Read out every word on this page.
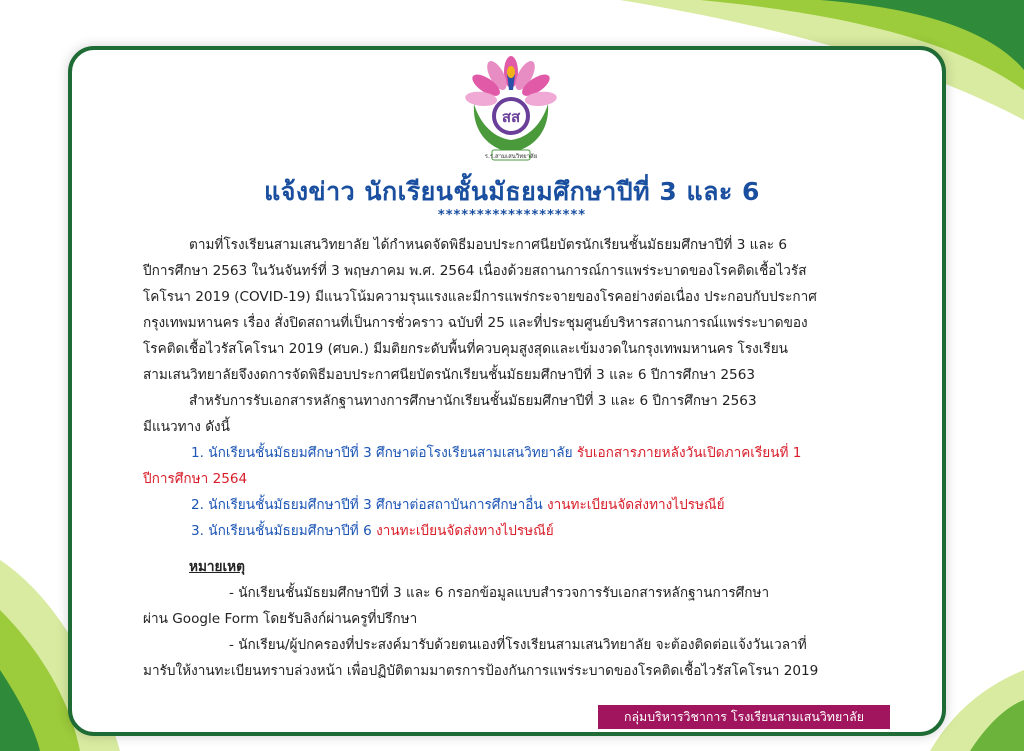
สส
ร.ร.สามเสนวิทยาลัย
แจ้งข่าว นักเรียนชั้นมัธยมศึกษาปีที่ 3 และ 6
*******************
ตามที่โรงเรียนสามเสนวิทยาลัย ได้กำหนดจัดพิธีมอบประกาศนียบัตรนักเรียนชั้นมัธยมศึกษาปีที่ 3 และ 6
ปีการศึกษา 2563 ในวันจันทร์ที่ 3 พฤษภาคม พ.ศ. 2564 เนื่องด้วยสถานการณ์การแพร่ระบาดของโรคติดเชื้อไวรัส
โคโรนา 2019 (COVID-19) มีแนวโน้มความรุนแรงและมีการแพร่กระจายของโรคอย่างต่อเนื่อง ประกอบกับประกาศ
กรุงเทพมหานคร เรื่อง สั่งปิดสถานที่เป็นการชั่วคราว ฉบับที่ 25 และที่ประชุมศูนย์บริหารสถานการณ์แพร่ระบาดของ
โรคติดเชื้อไวรัสโคโรนา 2019 (ศบค.) มีมติยกระดับพื้นที่ควบคุมสูงสุดและเข้มงวดในกรุงเทพมหานคร โรงเรียน
สามเสนวิทยาลัยจึงงดการจัดพิธีมอบประกาศนียบัตรนักเรียนชั้นมัธยมศึกษาปีที่ 3 และ 6 ปีการศึกษา 2563
สำหรับการรับเอกสารหลักฐานทางการศึกษานักเรียนชั้นมัธยมศึกษาปีที่ 3 และ 6 ปีการศึกษา 2563
มีแนวทาง ดังนี้
1. นักเรียนชั้นมัธยมศึกษาปีที่ 3 ศึกษาต่อโรงเรียนสามเสนวิทยาลัย รับเอกสารภายหลังวันเปิดภาคเรียนที่ 1
ปีการศึกษา 2564
2. นักเรียนชั้นมัธยมศึกษาปีที่ 3 ศึกษาต่อสถาบันการศึกษาอื่น งานทะเบียนจัดส่งทางไปรษณีย์
3. นักเรียนชั้นมัธยมศึกษาปีที่ 6 งานทะเบียนจัดส่งทางไปรษณีย์
หมายเหตุ
- นักเรียนชั้นมัธยมศึกษาปีที่ 3 และ 6 กรอกข้อมูลแบบสำรวจการรับเอกสารหลักฐานการศึกษา
ผ่าน Google Form โดยรับลิงก์ผ่านครูที่ปรึกษา
- นักเรียน/ผู้ปกครองที่ประสงค์มารับด้วยตนเองที่โรงเรียนสามเสนวิทยาลัย จะต้องติดต่อแจ้งวันเวลาที่
มารับให้งานทะเบียนทราบล่วงหน้า เพื่อปฏิบัติตามมาตรการป้องกันการแพร่ระบาดของโรคติดเชื้อไวรัสโคโรนา 2019
กลุ่มบริหารวิชาการ โรงเรียนสามเสนวิทยาลัย
